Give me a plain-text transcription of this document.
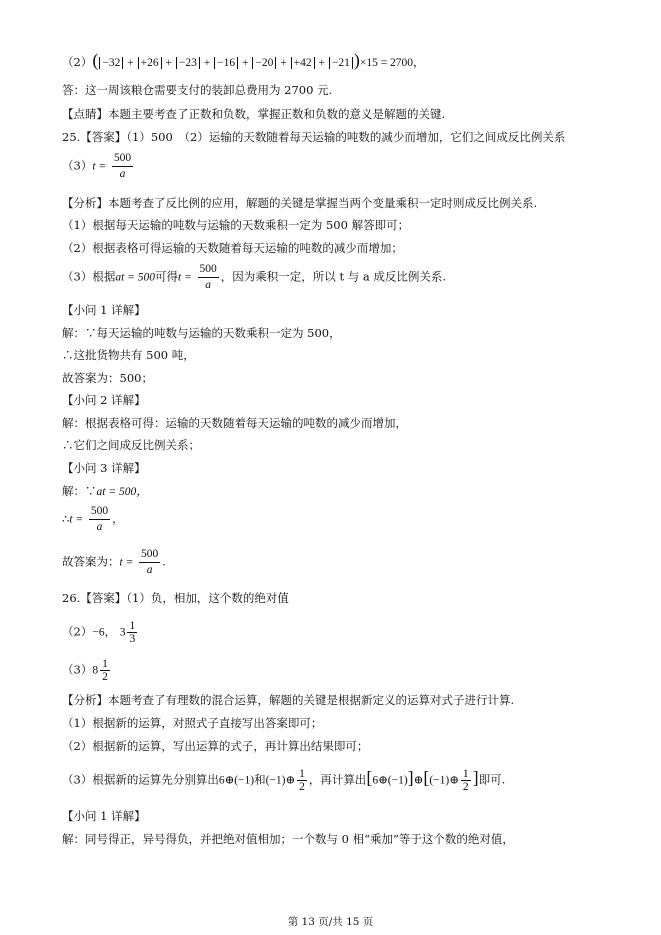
（2）( −32 + +26 + −23 + −16 + −20 + +42 + −21 )×15 = 2700，
答：这一周该粮仓需要支付的装卸总费用为 2700 元.
【点睛】本题主要考查了正数和负数，掌握正数和负数的意义是解题的关键.
25.【答案】（1）500　（2）运输的天数随着每天运输的吨数的减少而增加，它们之间成反比例关系
$(3)t = \frac{500}{a}$
【分析】本题考查了反比例的应用，解题的关键是掌握当两个变量乘积一定时则成反比例关系.
（1）根据每天运输的吨数与运输的天数乘积一定为 500 解答即可；
（2）根据表格可得运输的天数随着每天运输的吨数的减少而增加；
（3）根据at = 500可得$t = \frac{500}{a}$ ，因为乘积一定，所以 t 与 a 成反比例关系.
【小问 1 详解】
解：∵每天运输的吨数与运输的天数乘积一定为 500，
∴这批货物共有 500 吨，
故答案为：500；
【小问 2 详解】
解：根据表格可得：运输的天数随着每天运输的吨数的减少而增加，
∴它们之间成反比例关系；
【小问 3 详解】
解：∵at = 500，
∴t = $\frac{500}{a}$ ，
故答案为：$t = \frac{500}{a}$ .
26.【答案】（1）负，相加，这个数的绝对值
（2）−6， $3 \frac{1}{3}$
$(3)8 \frac{1}{2}$
【分析】本题考查了有理数的混合运算，解题的关键是根据新定义的运算对式子进行计算.
（1）根据新的运算，对照式子直接写出答案即可；
（2）根据新的运算，写出运算的式子，再计算出结果即可；
（3）根据新的运算先分别算出6⊕(−1)和(−1)⊕ $\frac{1}{2}$ ，再计算出[6⊕(−1)]⊕[(−1)⊕ $\frac{1}{2}$ ]即可.
【小问 1 详解】
解：同号得正，异号得负，并把绝对值相加；一个数与 0 相“乘加”等于这个数的绝对值，
第 13 页/共 15 页
